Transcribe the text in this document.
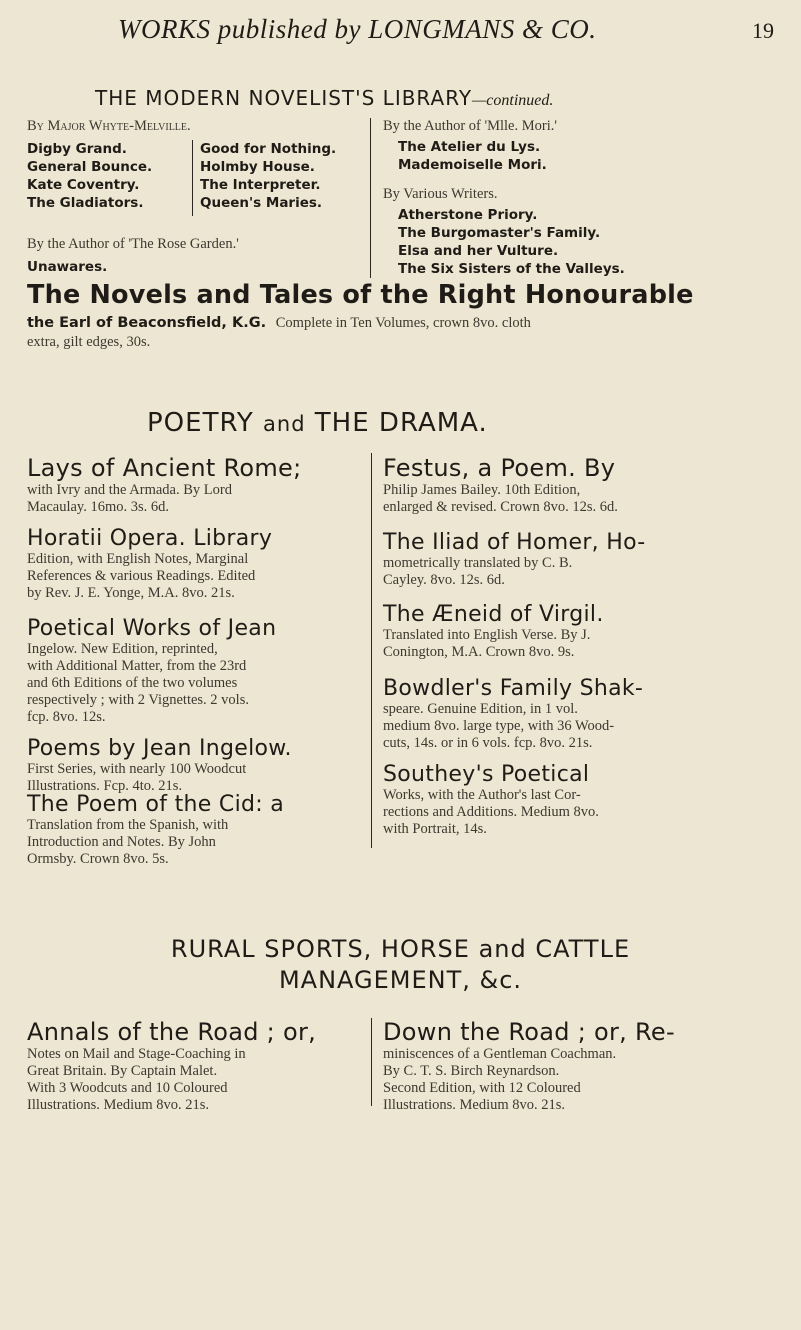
WORKS published by LONGMANS & CO.	19
THE MODERN NOVELIST'S LIBRARY—continued.
By Major Whyte-Melville.
Digby Grand.
General Bounce.
Kate Coventry.
The Gladiators.
Good for Nothing.
Holmby House.
The Interpreter.
Queen's Maries.
By the Author of 'The Rose Garden.'
Unawares.
By the Author of 'Mlle. Mori.'
The Atelier du Lys.
Mademoiselle Mori.
By Various Writers.
Atherstone Priory.
The Burgomaster's Family.
Elsa and her Vulture.
The Six Sisters of the Valleys.
The Novels and Tales of the Right Honourable
the Earl of Beaconsfield, K.G. Complete in Ten Volumes, crown 8vo. cloth
extra, gilt edges, 30s.
POETRY and THE DRAMA.
Lays of Ancient Rome;
with Ivry and the Armada. By Lord
Macaulay. 16mo. 3s. 6d.
Horatii Opera. Library
Edition, with English Notes, Marginal
References & various Readings. Edited
by Rev. J. E. Yonge, M.A. 8vo. 21s.
Poetical Works of Jean
Ingelow. New Edition, reprinted,
with Additional Matter, from the 23rd
and 6th Editions of the two volumes
respectively ; with 2 Vignettes. 2 vols.
fcp. 8vo. 12s.
Poems by Jean Ingelow.
First Series, with nearly 100 Woodcut
Illustrations. Fcp. 4to. 21s.
The Poem of the Cid: a
Translation from the Spanish, with
Introduction and Notes. By John
Ormsby. Crown 8vo. 5s.
Festus, a Poem. By
Philip James Bailey. 10th Edition,
enlarged & revised. Crown 8vo. 12s. 6d.
The Iliad of Homer, Ho-
mometrically translated by C. B.
Cayley. 8vo. 12s. 6d.
The Æneid of Virgil.
Translated into English Verse. By J.
Conington, M.A. Crown 8vo. 9s.
Bowdler's Family Shak-
speare. Genuine Edition, in 1 vol.
medium 8vo. large type, with 36 Wood-
cuts, 14s. or in 6 vols. fcp. 8vo. 21s.
Southey's Poetical
Works, with the Author's last Cor-
rections and Additions. Medium 8vo.
with Portrait, 14s.
RURAL SPORTS, HORSE and CATTLE
MANAGEMENT, &c.
Annals of the Road ; or,
Notes on Mail and Stage-Coaching in
Great Britain. By Captain Malet.
With 3 Woodcuts and 10 Coloured
Illustrations. Medium 8vo. 21s.
Down the Road ; or, Re-
miniscences of a Gentleman Coachman.
By C. T. S. Birch Reynardson.
Second Edition, with 12 Coloured
Illustrations. Medium 8vo. 21s.
